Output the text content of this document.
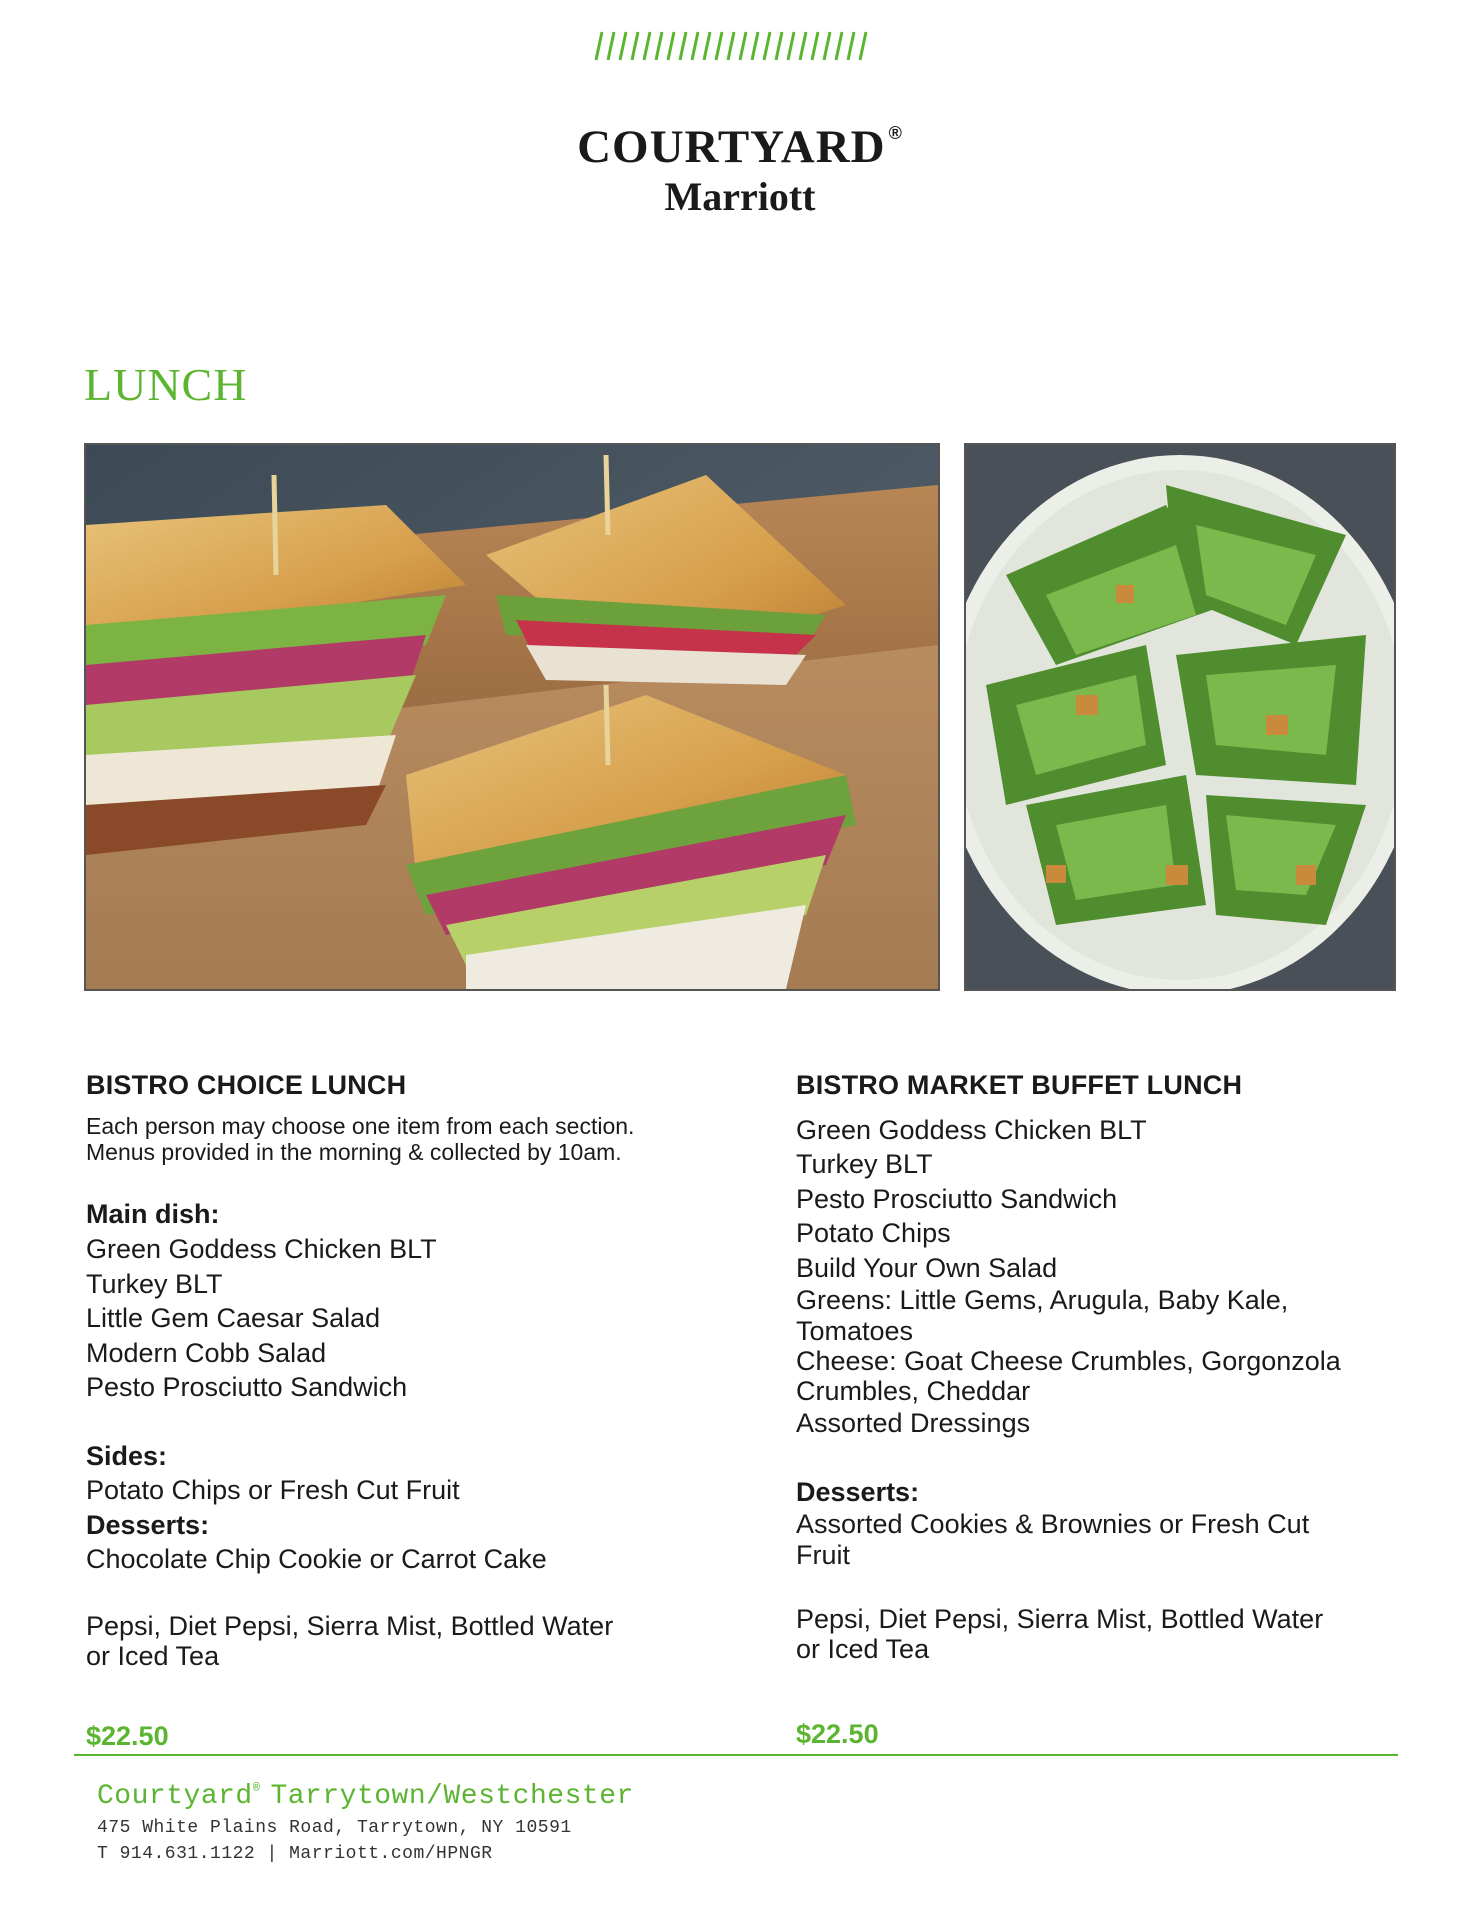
COURTYARD ®
Marriott
LUNCH
BISTRO CHOICE LUNCH

Each person may choose one item from each section.
Menus provided in the morning & collected by 10am.

Main dish:

Green Goddess Chicken BLT

Turkey BLT

Little Gem Caesar Salad

Modern Cobb Salad

Pesto Prosciutto Sandwich

Sides:

Potato Chips or Fresh Cut Fruit

Desserts:

Chocolate Chip Cookie or Carrot Cake

Pepsi, Diet Pepsi, Sierra Mist, Bottled Water
or Iced Tea

$22.50
BISTRO MARKET BUFFET LUNCH

Green Goddess Chicken BLT

Turkey BLT

Pesto Prosciutto Sandwich

Potato Chips

Build Your Own Salad

Greens: Little Gems, Arugula, Baby Kale,
Tomatoes

Cheese: Goat Cheese Crumbles, Gorgonzola
Crumbles, Cheddar

Assorted Dressings

Desserts:

Assorted Cookies & Brownies or Fresh Cut
Fruit

Pepsi, Diet Pepsi, Sierra Mist, Bottled Water
or Iced Tea

$22.50
Courtyard® Tarrytown/Westchester
475 White Plains Road, Tarrytown, NY 10591
T 914.631.1122 | Marriott.com/HPNGR
